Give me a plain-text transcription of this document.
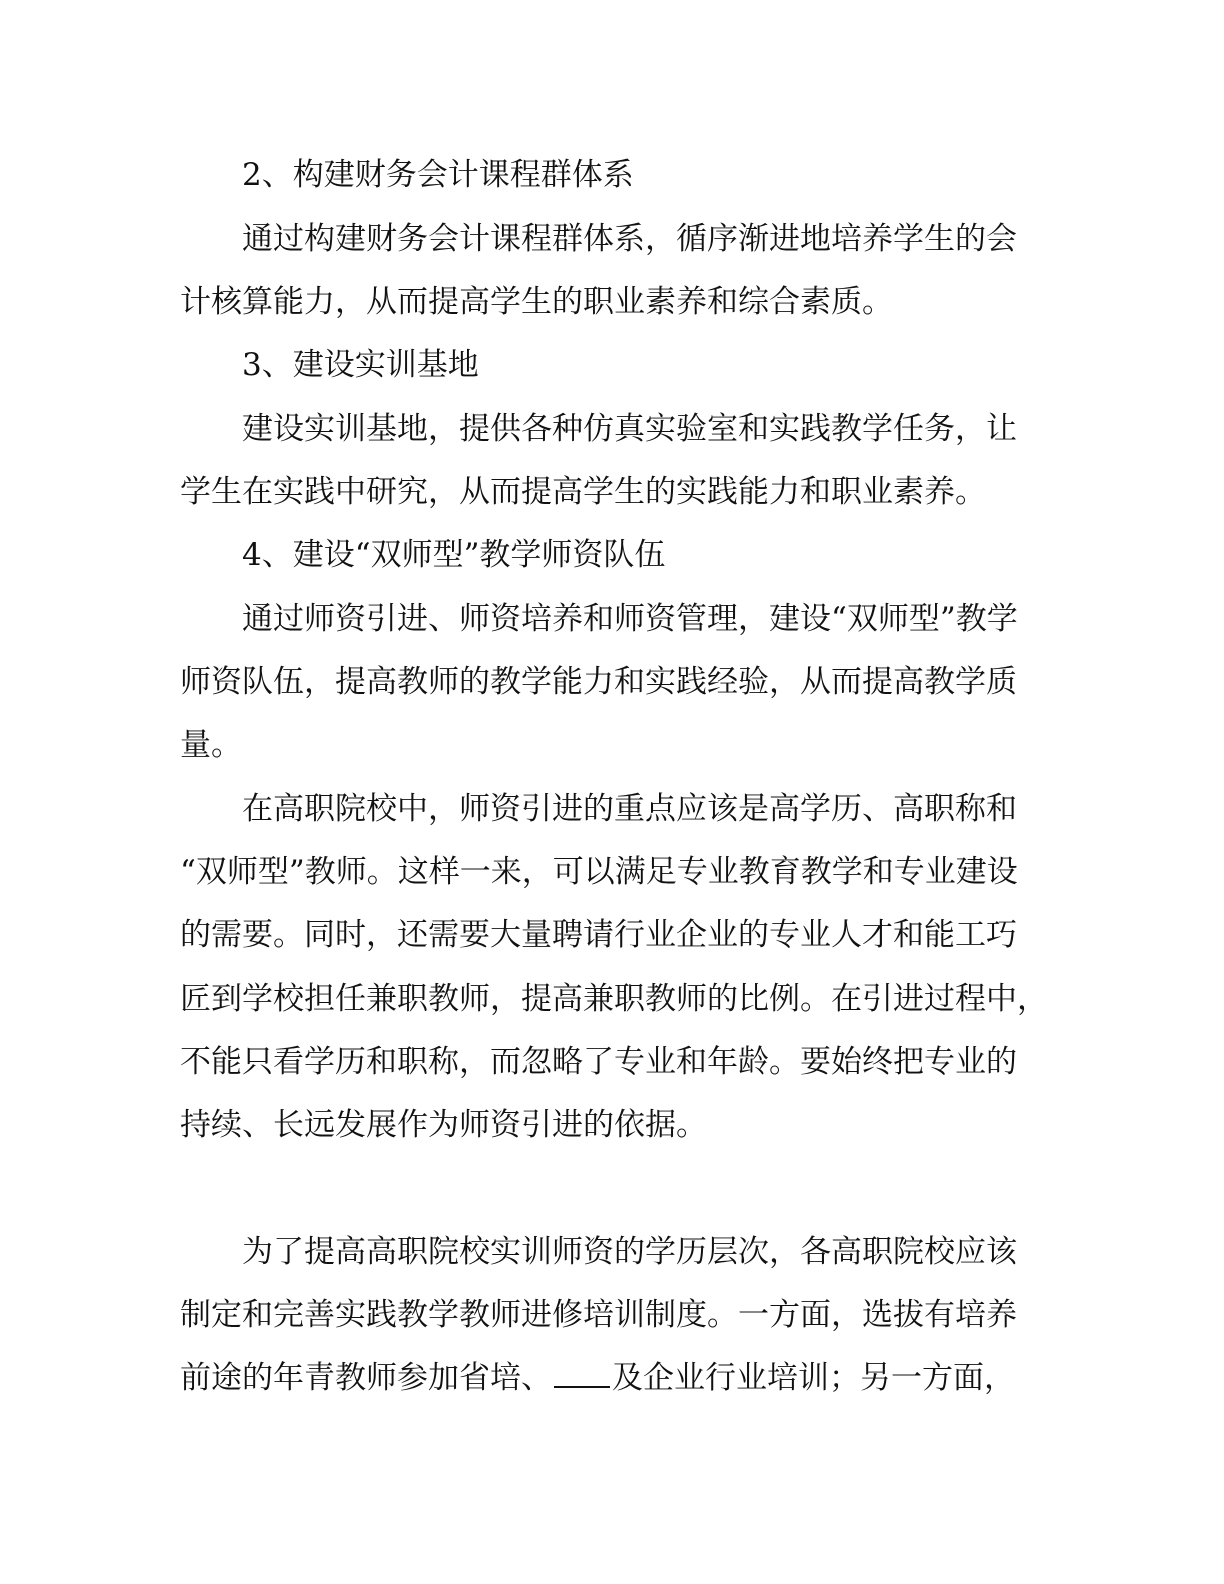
2、构建财务会计课程群体系
通过构建财务会计课程群体系，循序渐进地培养学生的会
计核算能力，从而提高学生的职业素养和综合素质。
3、建设实训基地
建设实训基地，提供各种仿真实验室和实践教学任务，让
学生在实践中研究，从而提高学生的实践能力和职业素养。
4、建设“双师型”教学师资队伍
通过师资引进、师资培养和师资管理，建设“双师型”教学
师资队伍，提高教师的教学能力和实践经验，从而提高教学质
量。
在高职院校中，师资引进的重点应该是高学历、高职称和
“双师型”教师。这样一来，可以满足专业教育教学和专业建设
的需要。同时，还需要大量聘请行业企业的专业人才和能工巧
匠到学校担任兼职教师，提高兼职教师的比例。在引进过程中，
不能只看学历和职称，而忽略了专业和年龄。要始终把专业的
持续、长远发展作为师资引进的依据。
为了提高高职院校实训师资的学历层次，各高职院校应该
制定和完善实践教学教师进修培训制度。一方面，选拔有培养
前途的年青教师参加省培、 及企业行业培训；另一方面，
